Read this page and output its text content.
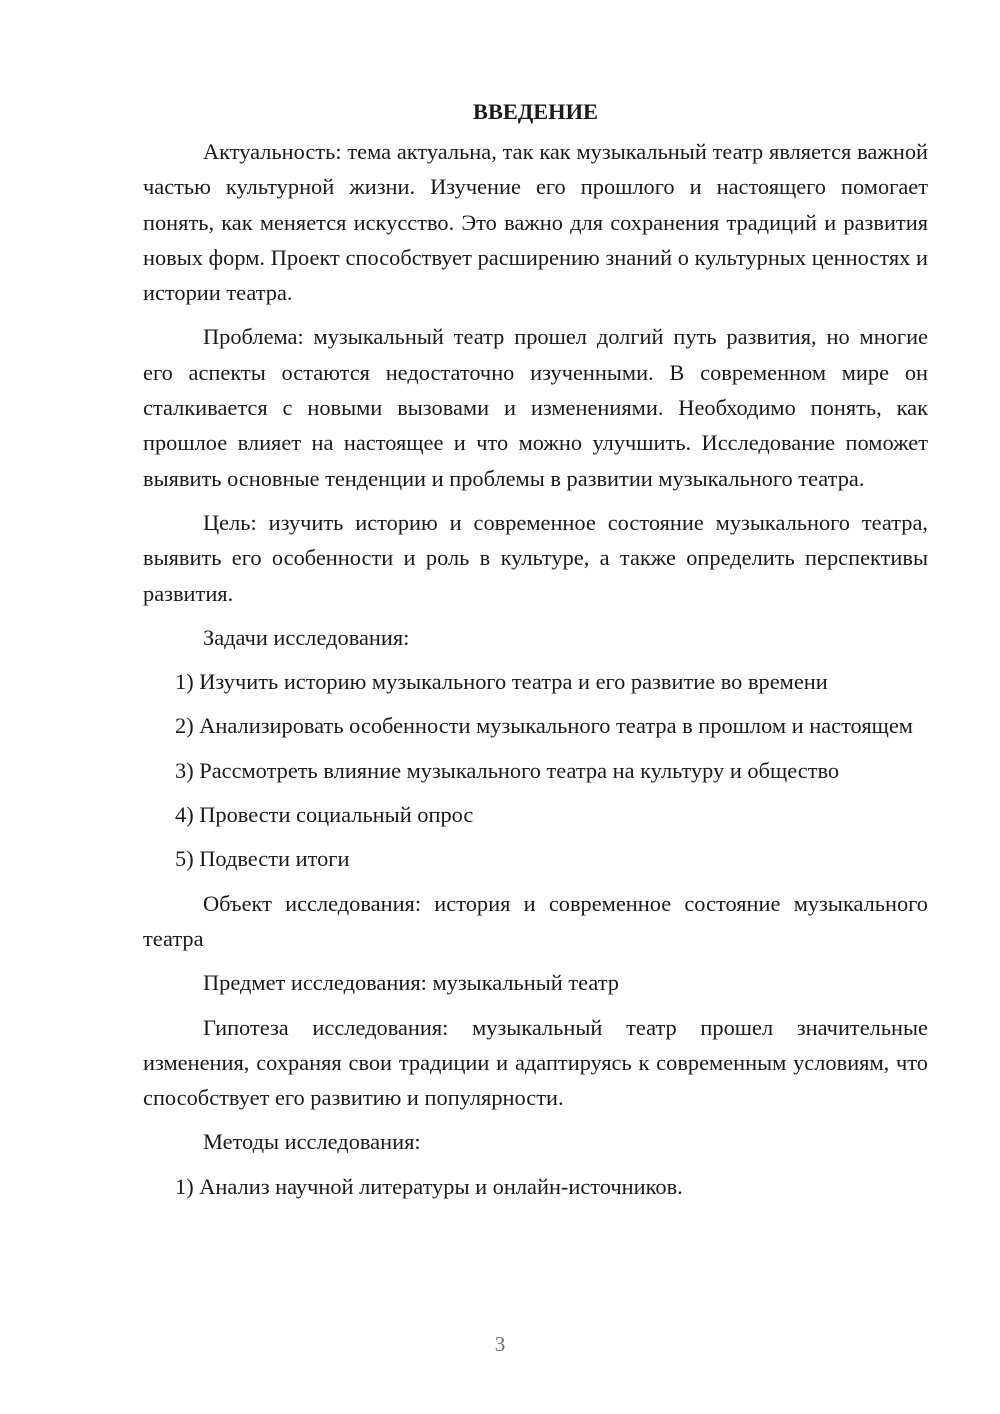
ВВЕДЕНИЕ

Актуальность: тема актуальна, так как музыкальный театр является важной частью культурной жизни. Изучение его прошлого и настоящего помогает понять, как меняется искусство. Это важно для сохранения традиций и развития новых форм. Проект способствует расширению знаний о культурных ценностях и истории театра.

Проблема: музыкальный театр прошел долгий путь развития, но многие его аспекты остаются недостаточно изученными. В современном мире он сталкивается с новыми вызовами и изменениями. Необходимо понять, как прошлое влияет на настоящее и что можно улучшить. Исследование поможет выявить основные тенденции и проблемы в развитии музыкального театра.

Цель: изучить историю и современное состояние музыкального театра, выявить его особенности и роль в культуре, а также определить перспективы развития.

Задачи исследования:

1) Изучить историю музыкального театра и его развитие во времени

2) Анализировать особенности музыкального театра в прошлом и настоящем

3) Рассмотреть влияние музыкального театра на культуру и общество

4) Провести социальный опрос

5) Подвести итоги

Объект исследования: история и современное состояние музыкального театра

Предмет исследования: музыкальный театр

Гипотеза исследования: музыкальный театр прошел значительные изменения, сохраняя свои традиции и адаптируясь к современным условиям, что способствует его развитию и популярности.

Методы исследования:

1) Анализ научной литературы и онлайн-источников.

3
